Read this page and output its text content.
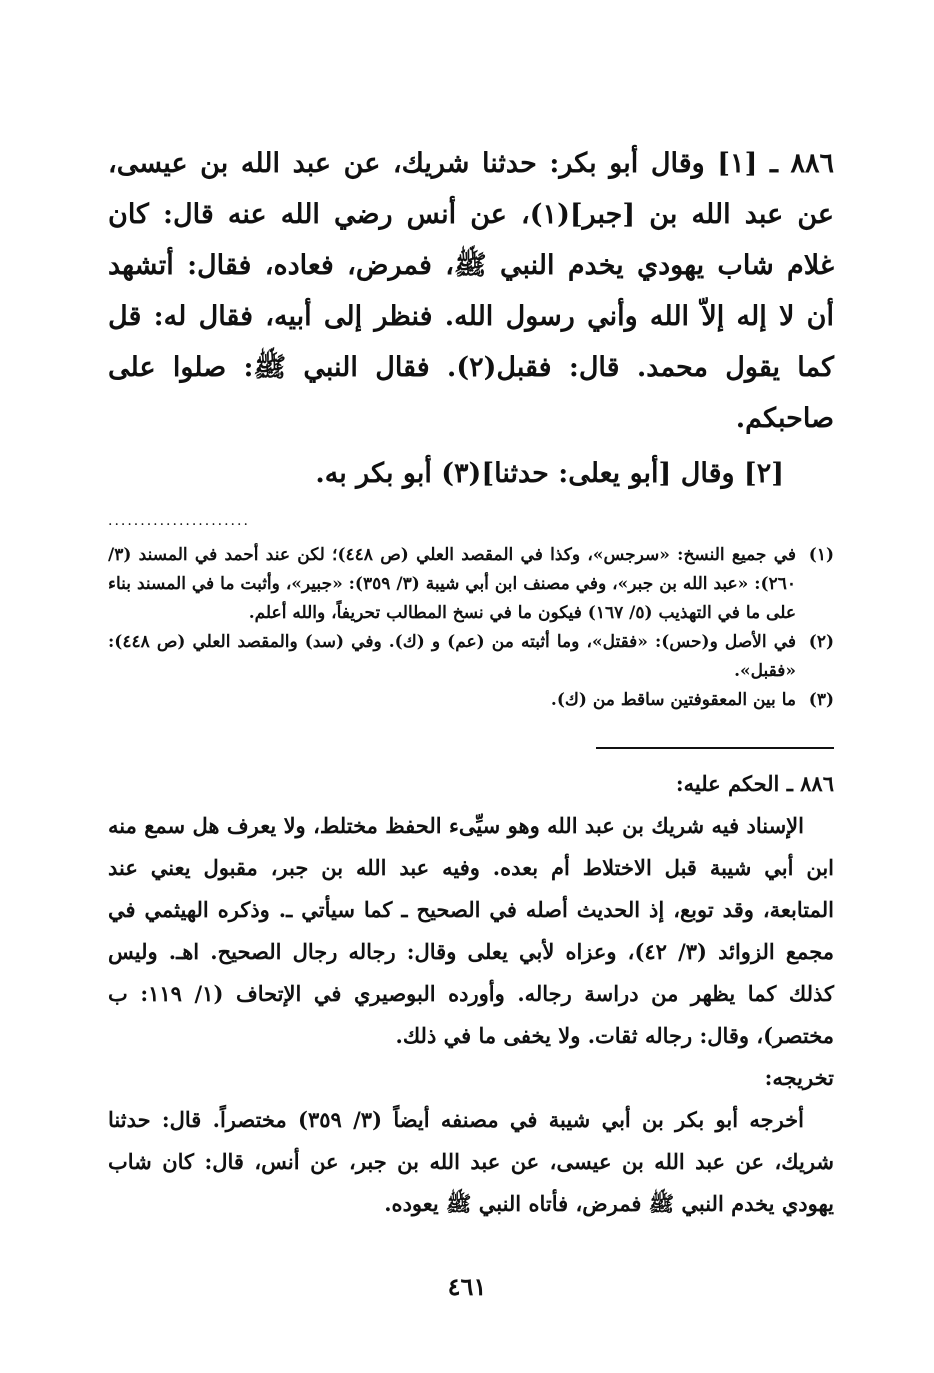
٨٨٦ ـ [١] وقال أبو بكر: حدثنا شريك، عن عبد الله بن عيسى، عن عبد الله بن [جبر](١)، عن أنس رضي الله عنه قال: كان غلام شاب يهودي يخدم النبي ﷺ، فمرض، فعاده، فقال: أتشهد أن لا إله إلاّ الله وأني رسول الله. فنظر إلى أبيه، فقال له: قل كما يقول محمد. قال: فقبل(٢). فقال النبي ﷺ: صلوا على صاحبكم.

[٢] وقال [أبو يعلى: حدثنا](٣) أبو بكر به.

......................
(١)
في جميع النسخ: «سرجس»، وكذا في المقصد العلي (ص ٤٤٨)؛ لكن عند أحمد في المسند (٣/ ٢٦٠): «عبد الله بن جبر»، وفي مصنف ابن أبي شيبة (٣/ ٣٥٩): «جبير»، وأثبت ما في المسند بناء على ما في التهذيب (٥/ ١٦٧) فيكون ما في نسخ المطالب تحريفاً، والله أعلم.
(٢)
في الأصل و(حس): «فقتل»، وما أثبته من (عم) و (ك). وفي (سد) والمقصد العلي (ص ٤٤٨): «فقبل».
(٣)
ما بين المعقوفتين ساقط من (ك).

٨٨٦ ـ الحكم عليه:

الإسناد فيه شريك بن عبد الله وهو سيِّىء الحفظ مختلط، ولا يعرف هل سمع منه ابن أبي شيبة قبل الاختلاط أم بعده. وفيه عبد الله بن جبر، مقبول يعني عند المتابعة، وقد توبع، إذ الحديث أصله في الصحيح ـ كما سيأتي ـ. وذكره الهيثمي في مجمع الزوائد (٣/ ٤٢)، وعزاه لأبي يعلى وقال: رجاله رجال الصحيح. اهـ. وليس كذلك كما يظهر من دراسة رجاله. وأورده البوصيري في الإتحاف (١/ ١١٩: ب مختصر)، وقال: رجاله ثقات. ولا يخفى ما في ذلك.

تخريجه:

أخرجه أبو بكر بن أبي شيبة في مصنفه أيضاً (٣/ ٣٥٩) مختصراً. قال: حدثنا شريك، عن عبد الله بن عيسى، عن عبد الله بن جبر، عن أنس، قال: كان شاب يهودي يخدم النبي ﷺ فمرض، فأتاه النبي ﷺ يعوده.

٤٦١
